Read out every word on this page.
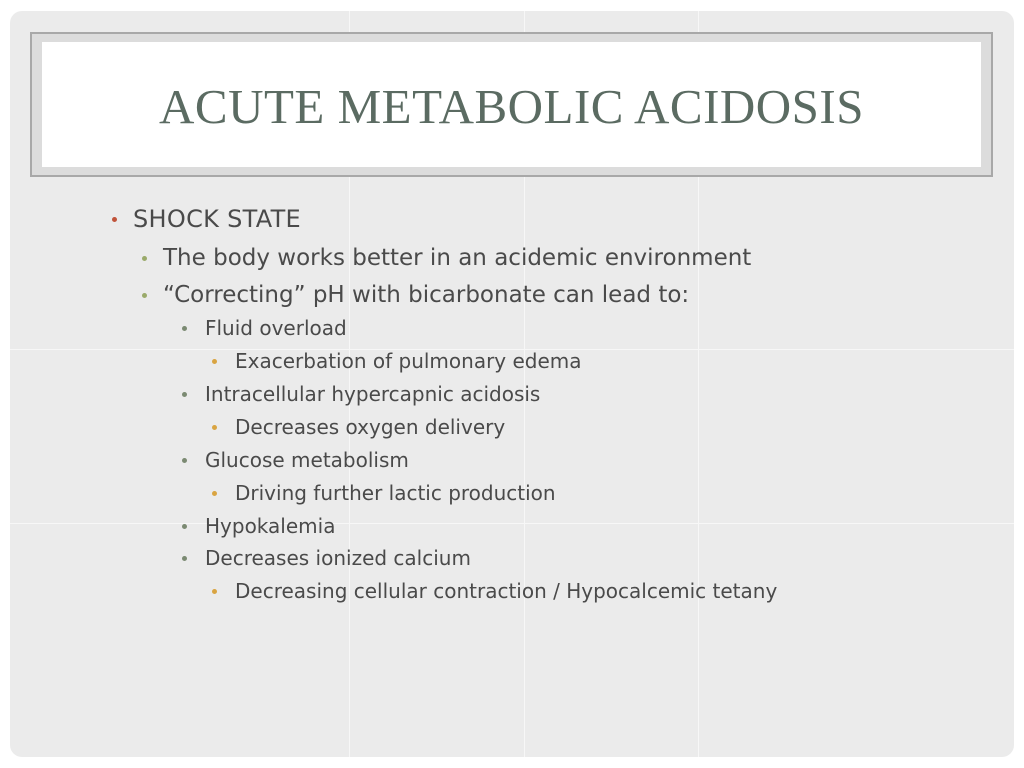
ACUTE METABOLIC ACIDOSIS
SHOCK STATE
The body works better in an acidemic environment
“Correcting” pH with bicarbonate can lead to:
Fluid overload
Exacerbation of pulmonary edema
Intracellular hypercapnic acidosis
Decreases oxygen delivery
Glucose metabolism
Driving further lactic production
Hypokalemia
Decreases ionized calcium
Decreasing cellular contraction / Hypocalcemic tetany
